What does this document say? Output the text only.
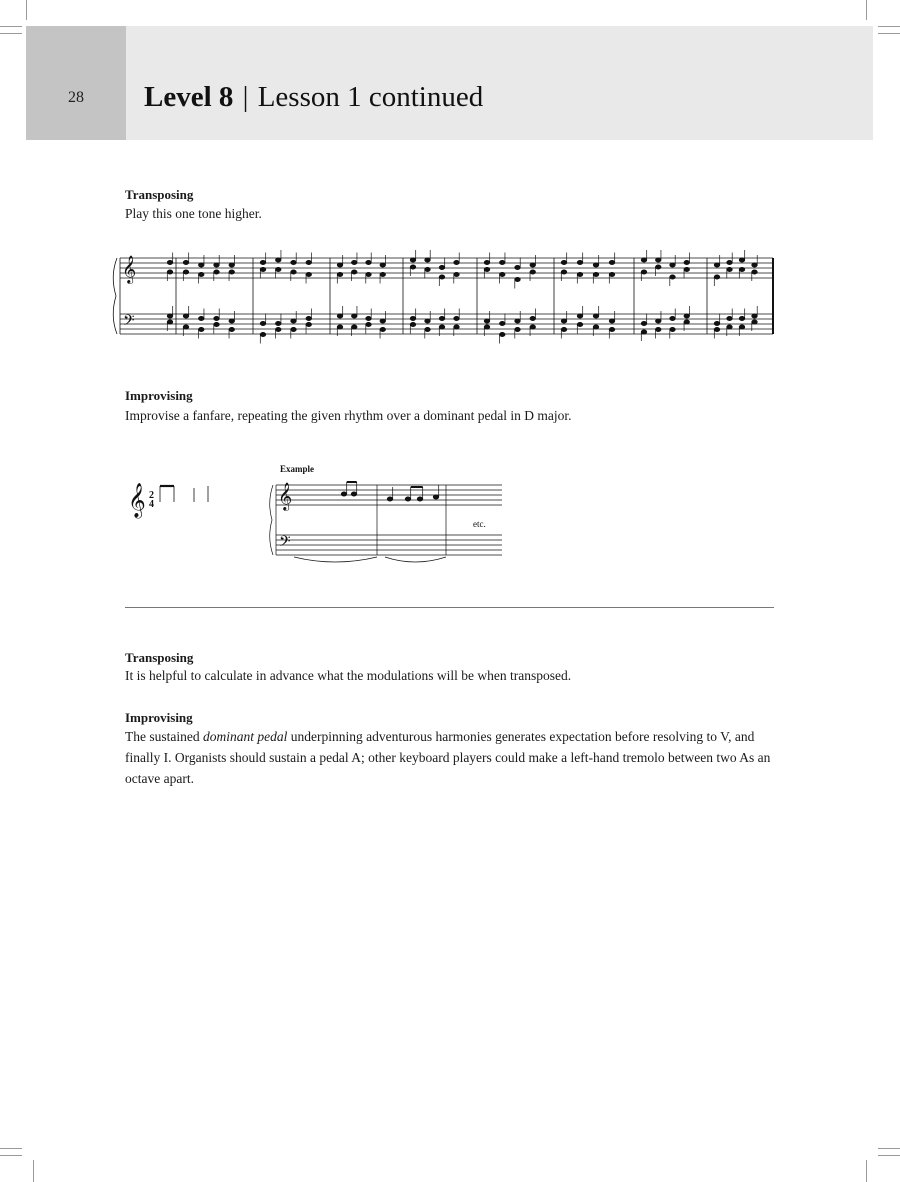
28	Level 8 | Lesson 1 continued
Transposing
Play this one tone higher.
𝄞
𝄢
Improvising
Improvise a fanfare, repeating the given rhythm over a dominant pedal in D major.
𝄞 2
4
Example
etc.
𝄞
𝄢
Transposing
It is helpful to calculate in advance what the modulations will be when transposed.
Improvising
The sustained dominant pedal underpinning adventurous harmonies generates expectation before resolving to V, and finally I. Organists should sustain a pedal A; other keyboard players could make a left-hand tremolo between two As an octave apart.
